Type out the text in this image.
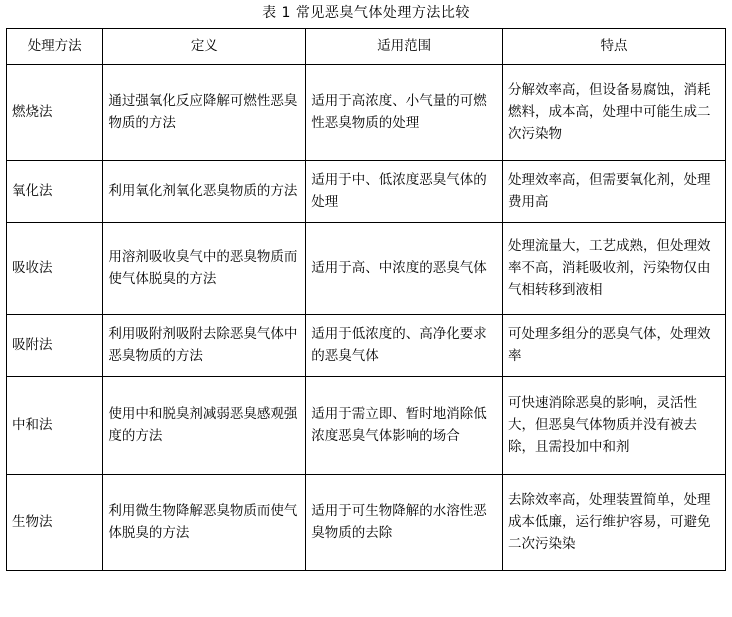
表 1 常见恶臭气体处理方法比较
处理方法	定义	适用范围	特点
燃烧法	通过强氧化反应降解可燃性恶臭物质的方法	适用于高浓度、小气量的可燃性恶臭物质的处理	分解效率高，但设备易腐蚀，消耗燃料，成本高，处理中可能生成二次污染物
氧化法	利用氧化剂氧化恶臭物质的方法	适用于中、低浓度恶臭气体的处理	处理效率高，但需要氧化剂，处理费用高
吸收法	用溶剂吸收臭气中的恶臭物质而使气体脱臭的方法	适用于高、中浓度的恶臭气体	处理流量大，工艺成熟，但处理效率不高，消耗吸收剂，污染物仅由气相转移到液相
吸附法	利用吸附剂吸附去除恶臭气体中恶臭物质的方法	适用于低浓度的、高净化要求的恶臭气体	可处理多组分的恶臭气体，处理效率
中和法	使用中和脱臭剂减弱恶臭感观强度的方法	适用于需立即、暂时地消除低浓度恶臭气体影响的场合	可快速消除恶臭的影响，灵活性大，但恶臭气体物质并没有被去除，且需投加中和剂
生物法	利用微生物降解恶臭物质而使气体脱臭的方法	适用于可生物降解的水溶性恶臭物质的去除	去除效率高，处理装置简单，处理成本低廉，运行维护容易，可避免二次污染染
